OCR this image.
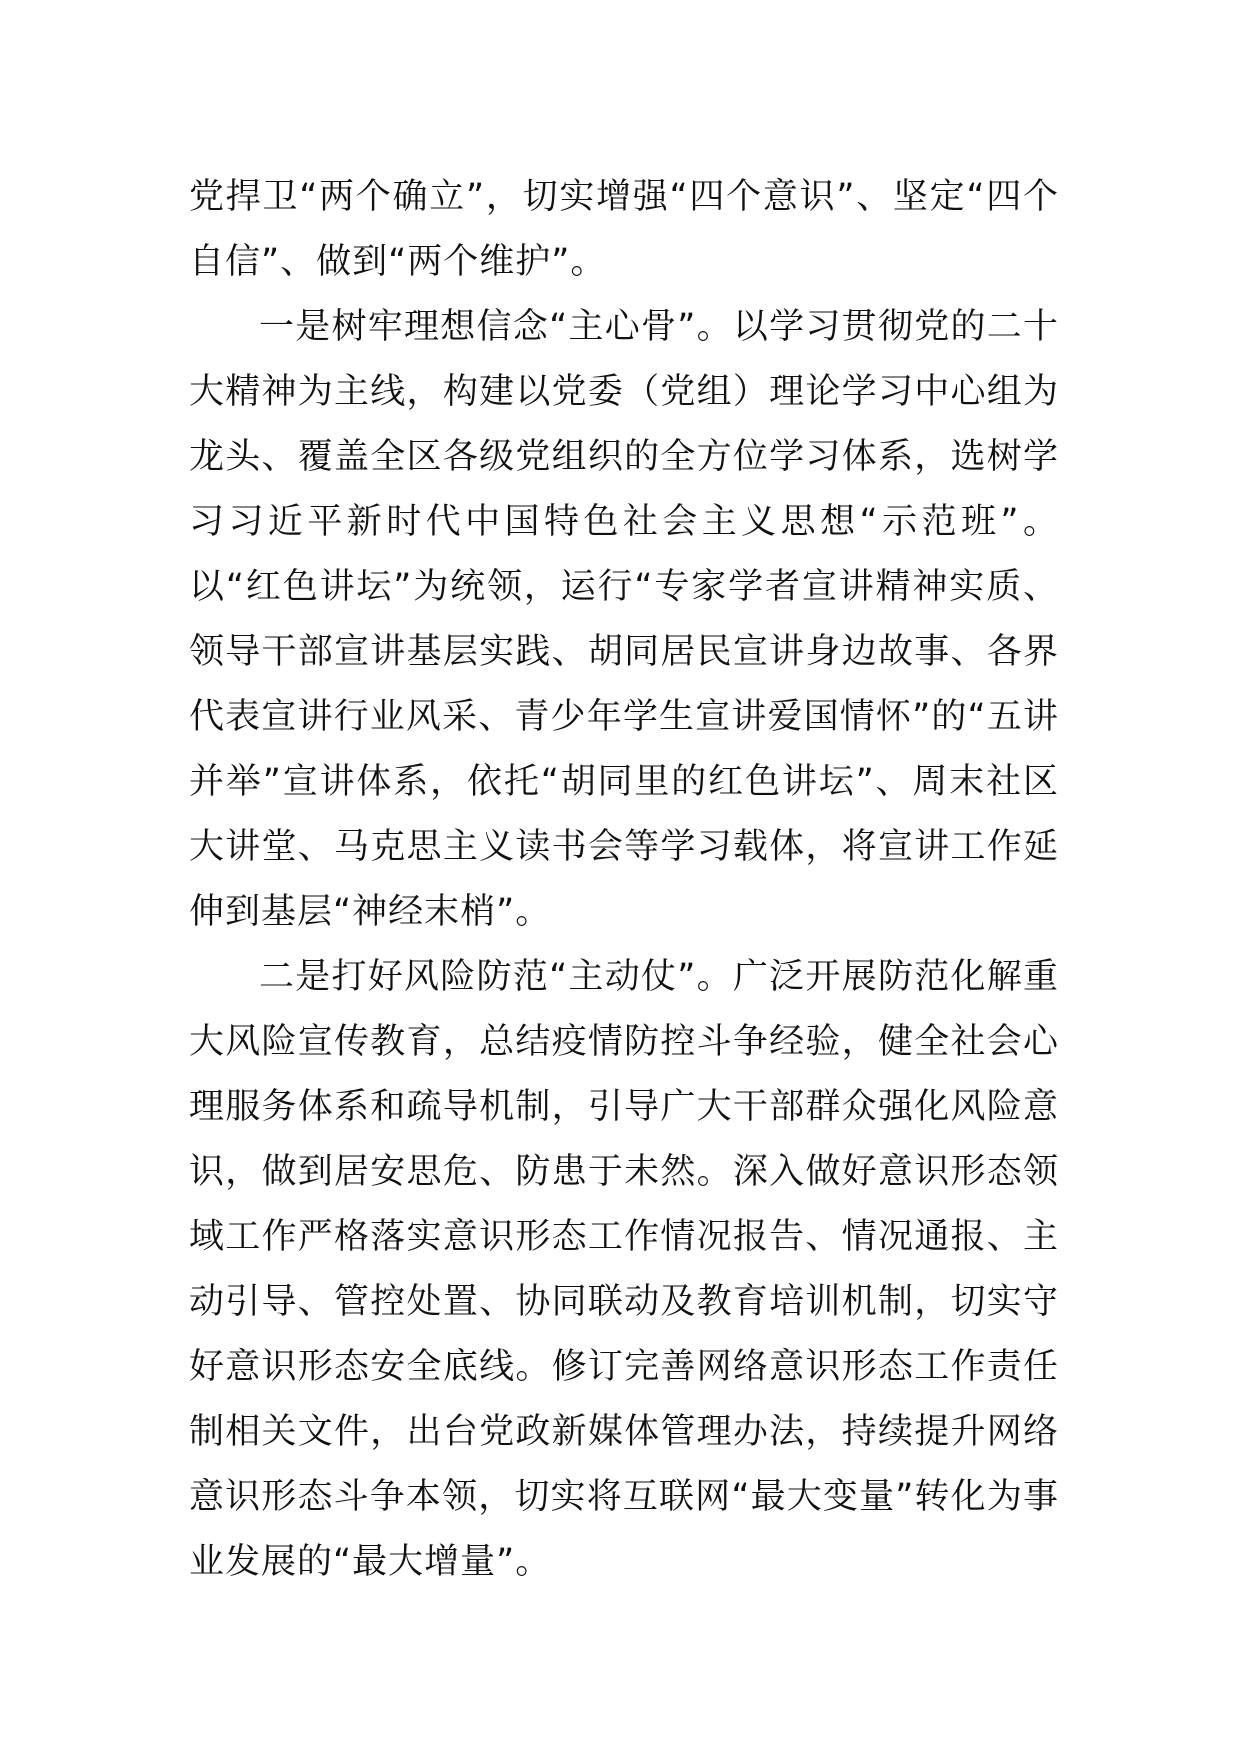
党捍卫“两个确立”，切实增强“四个意识”、坚定“四个自信”、做到“两个维护”。

一是树牢理想信念“主心骨”。以学习贯彻党的二十大精神为主线，构建以党委（党组）理论学习中心组为龙头、覆盖全区各级党组织的全方位学习体系，选树学习习近平新时代中国特色社会主义思想“示范班”。以“红色讲坛”为统领，运行“专家学者宣讲精神实质、领导干部宣讲基层实践、胡同居民宣讲身边故事、各界代表宣讲行业风采、青少年学生宣讲爱国情怀”的“五讲并举”宣讲体系，依托“胡同里的红色讲坛”、周末社区大讲堂、马克思主义读书会等学习载体，将宣讲工作延伸到基层“神经末梢”。

二是打好风险防范“主动仗”。广泛开展防范化解重大风险宣传教育，总结疫情防控斗争经验，健全社会心理服务体系和疏导机制，引导广大干部群众强化风险意识，做到居安思危、防患于未然。深入做好意识形态领域工作严格落实意识形态工作情况报告、情况通报、主动引导、管控处置、协同联动及教育培训机制，切实守好意识形态安全底线。修订完善网络意识形态工作责任制相关文件，出台党政新媒体管理办法，持续提升网络意识形态斗争本领，切实将互联网“最大变量”转化为事业发展的“最大增量”。
